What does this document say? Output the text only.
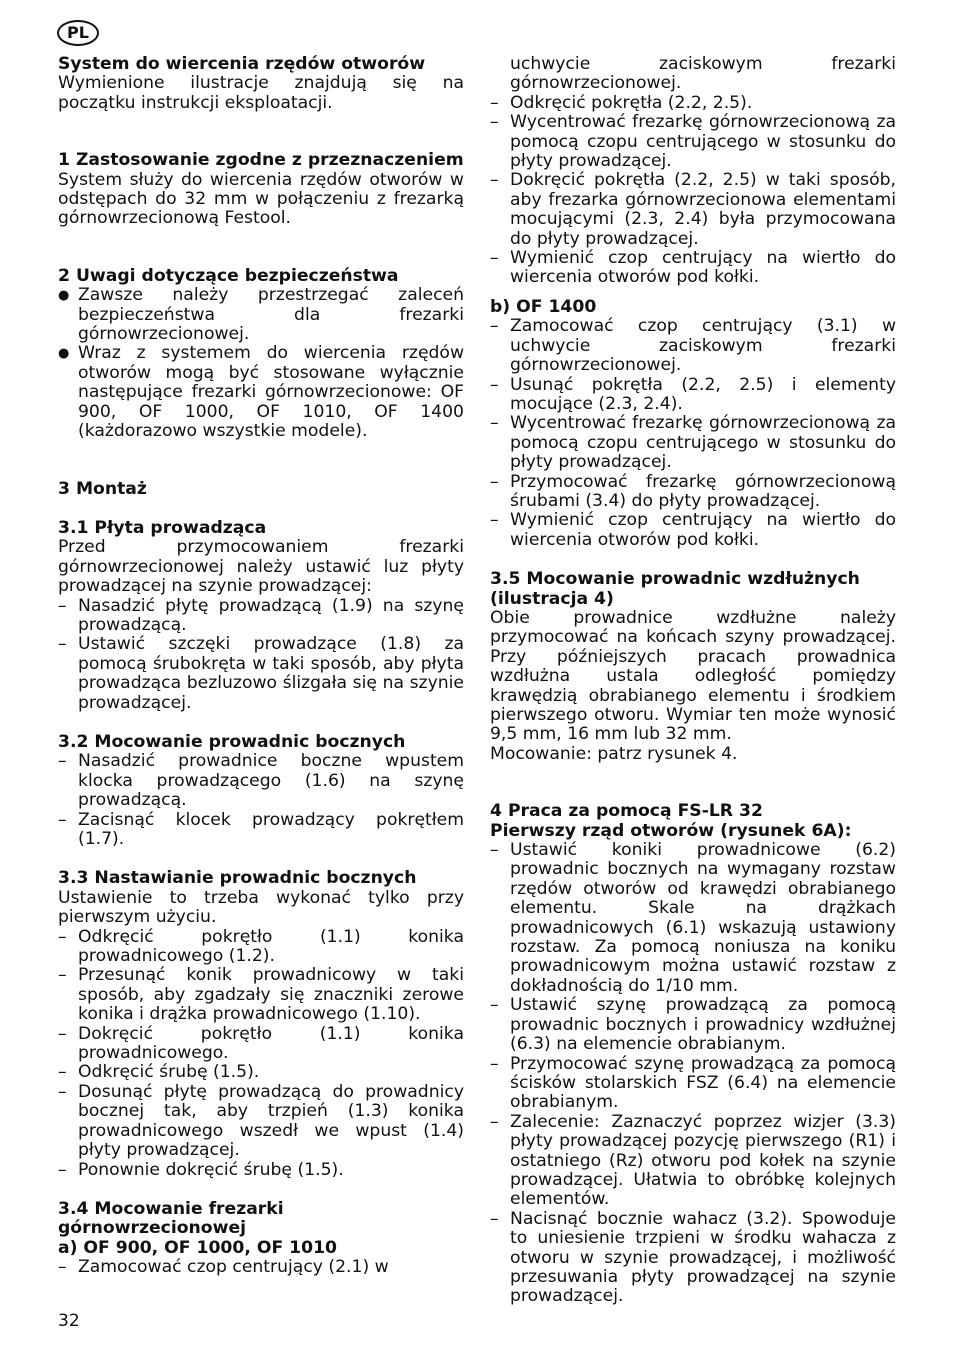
PL

System do wiercenia rzędów otworów

Wymienione ilustracje znajdują się na początku instrukcji eksploatacji.

1 Zastosowanie zgodne z przeznaczeniem

System służy do wiercenia rzędów otworów w odstępach do 32 mm w połączeniu z frezarką górnowrzecionową Festool.

2 Uwagi dotyczące bezpieczeństwa

● Zawsze należy przestrzegać zaleceń bezpieczeństwa dla frezarki górnowrzecionowej.
● Wraz z systemem do wiercenia rzędów otworów mogą być stosowane wyłącznie następujące frezarki górnowrzecionowe: OF 900, OF 1000, OF 1010, OF 1400 (każdorazowo wszystkie modele).

3 Montaż

3.1 Płyta prowadząca

Przed przymocowaniem frezarki górnowrzecionowej należy ustawić luz płyty prowadzącej na szynie prowadzącej:

– Nasadzić płytę prowadzącą (1.9) na szynę prowadzącą.
– Ustawić szczęki prowadzące (1.8) za pomocą śrubokręta w taki sposób, aby płyta prowadząca bezluzowo ślizgała się na szynie prowadzącej.

3.2 Mocowanie prowadnic bocznych

– Nasadzić prowadnice boczne wpustem klocka prowadzącego (1.6) na szynę prowadzącą.
– Zacisnąć klocek prowadzący pokrętłem (1.7).

3.3 Nastawianie prowadnic bocznych

Ustawienie to trzeba wykonać tylko przy pierwszym użyciu.

– Odkręcić pokrętło (1.1) konika prowadnicowego (1.2).
– Przesunąć konik prowadnicowy w taki sposób, aby zgadzały się znaczniki zerowe konika i drążka prowadnicowego (1.10).
– Dokręcić pokrętło (1.1) konika prowadnicowego.
– Odkręcić śrubę (1.5).
– Dosunąć płytę prowadzącą do prowadnicy bocznej tak, aby trzpień (1.3) konika prowadnicowego wszedł we wpust (1.4) płyty prowadzącej.
– Ponownie dokręcić śrubę (1.5).

3.4 Mocowanie frezarki górnowrzecionowej

a) OF 900, OF 1000, OF 1010

– Zamocować czop centrujący (2.1) w
uchwycie zaciskowym frezarki górnowrzecionowej.
– Odkręcić pokrętła (2.2, 2.5).
– Wycentrować frezarkę górnowrzecionową za pomocą czopu centrującego w stosunku do płyty prowadzącej.
– Dokręcić pokrętła (2.2, 2.5) w taki sposób, aby frezarka górnowrzecionowa elementami mocującymi (2.3, 2.4) była przymocowana do płyty prowadzącej.
– Wymienić czop centrujący na wiertło do wiercenia otworów pod kołki.

b) OF 1400

– Zamocować czop centrujący (3.1) w uchwycie zaciskowym frezarki górnowrzecionowej.
– Usunąć pokrętła (2.2, 2.5) i elementy mocujące (2.3, 2.4).
– Wycentrować frezarkę górnowrzecionową za pomocą czopu centrującego w stosunku do płyty prowadzącej.
– Przymocować frezarkę górnowrzecionową śrubami (3.4) do płyty prowadzącej.
– Wymienić czop centrujący na wiertło do wiercenia otworów pod kołki.

3.5 Mocowanie prowadnic wzdłużnych (ilustracja 4)

Obie prowadnice wzdłużne należy przymocować na końcach szyny prowadzącej. Przy późniejszych pracach prowadnica wzdłużna ustala odległość pomiędzy krawędzią obrabianego elementu i środkiem pierwszego otworu. Wymiar ten może wynosić 9,5 mm, 16 mm lub 32 mm.

Mocowanie: patrz rysunek 4.

4 Praca za pomocą FS-LR 32

Pierwszy rząd otworów (rysunek 6A):

– Ustawić koniki prowadnicowe (6.2) prowadnic bocznych na wymagany rozstaw rzędów otworów od krawędzi obrabianego elementu. Skale na drążkach prowadnicowych (6.1) wskazują ustawiony rozstaw. Za pomocą noniusza na koniku prowadnicowym można ustawić rozstaw z dokładnością do 1/10 mm.
– Ustawić szynę prowadzącą za pomocą prowadnic bocznych i prowadnicy wzdłużnej (6.3) na elemencie obrabianym.
– Przymocować szynę prowadzącą za pomocą ścisków stolarskich FSZ (6.4) na elemencie obrabianym.
– Zalecenie: Zaznaczyć poprzez wizjer (3.3) płyty prowadzącej pozycję pierwszego (R1) i ostatniego (Rz) otworu pod kołek na szynie prowadzącej. Ułatwia to obróbkę kolejnych elementów.
– Nacisnąć bocznie wahacz (3.2). Spowoduje to uniesienie trzpieni w środku wahacza z otworu w szynie prowadzącej, i możliwość przesuwania płyty prowadzącej na szynie prowadzącej.
32
